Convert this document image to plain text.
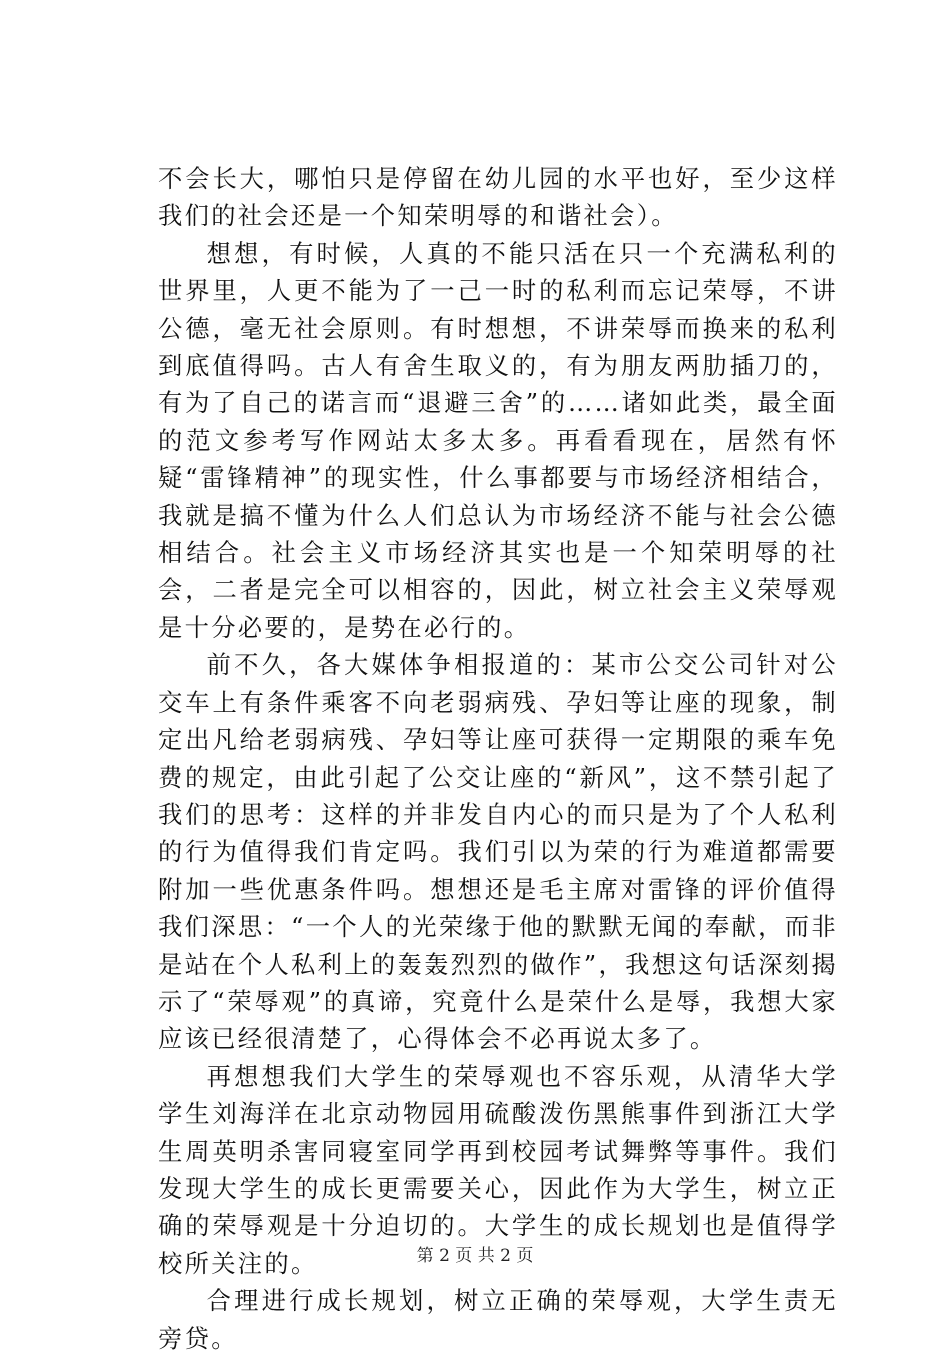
不会长大，哪怕只是停留在幼儿园的水平也好，至少这样我们的社会还是一个知荣明辱的和谐社会）。

想想，有时候，人真的不能只活在只一个充满私利的世界里，人更不能为了一己一时的私利而忘记荣辱，不讲公德，毫无社会原则。有时想想，不讲荣辱而换来的私利到底值得吗。古人有舍生取义的，有为朋友两肋插刀的，有为了自己的诺言而“退避三舍”的……诸如此类，最全面的范文参考写作网站太多太多。再看看现在，居然有怀疑“雷锋精神”的现实性，什么事都要与市场经济相结合，我就是搞不懂为什么人们总认为市场经济不能与社会公德相结合。社会主义市场经济其实也是一个知荣明辱的社会，二者是完全可以相容的，因此，树立社会主义荣辱观是十分必要的，是势在必行的。

前不久，各大媒体争相报道的：某市公交公司针对公交车上有条件乘客不向老弱病残、孕妇等让座的现象，制定出凡给老弱病残、孕妇等让座可获得一定期限的乘车免费的规定，由此引起了公交让座的“新风”，这不禁引起了我们的思考：这样的并非发自内心的而只是为了个人私利的行为值得我们肯定吗。我们引以为荣的行为难道都需要附加一些优惠条件吗。想想还是毛主席对雷锋的评价值得我们深思：“一个人的光荣缘于他的默默无闻的奉献，而非是站在个人私利上的轰轰烈烈的做作”，我想这句话深刻揭示了“荣辱观”的真谛，究竟什么是荣什么是辱，我想大家应该已经很清楚了，心得体会不必再说太多了。

再想想我们大学生的荣辱观也不容乐观，从清华大学学生刘海洋在北京动物园用硫酸泼伤黑熊事件到浙江大学生周英明杀害同寝室同学再到校园考试舞弊等事件。我们发现大学生的成长更需要关心，因此作为大学生，树立正确的荣辱观是十分迫切的。大学生的成长规划也是值得学校所关注的。

合理进行成长规划，树立正确的荣辱观，大学生责无旁贷。

第 2 页 共 2 页
